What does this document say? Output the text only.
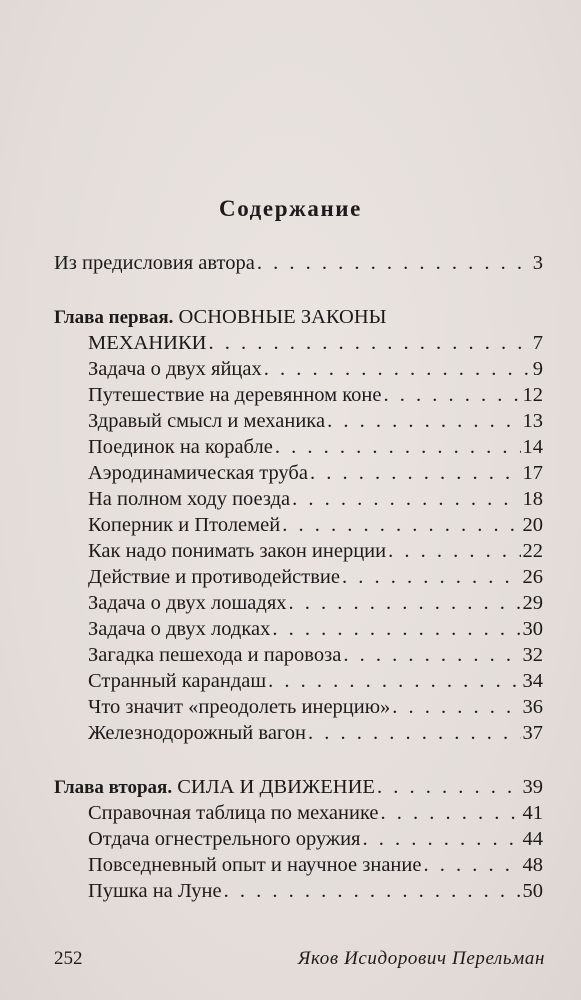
Содержание
Из предисловия автора . . .	3
Глава первая. ОСНОВНЫЕ ЗАКОНЫ
МЕХАНИКИ . . .	7
Задача о двух яйцах . . .	9
Путешествие на деревянном коне . . .	12
Здравый смысл и механика . . .	13
Поединок на корабле . . .	14
Аэродинамическая труба . . .	17
На полном ходу поезда . . .	18
Коперник и Птолемей . . .	20
Как надо понимать закон инерции . . .	22
Действие и противодействие . . .	26
Задача о двух лошадях . . .	29
Задача о двух лодках . . .	30
Загадка пешехода и паровоза . . .	32
Странный карандаш . . .	34
Что значит «преодолеть инерцию» . . .	36
Железнодорожный вагон . . .	37
Глава вторая. СИЛА И ДВИЖЕНИЕ . . .	39
Справочная таблица по механике . . .	41
Отдача огнестрельного оружия . . .	44
Повседневный опыт и научное знание . . .	48
Пушка на Луне . . .	50
252	Яков Исидорович Перельман
